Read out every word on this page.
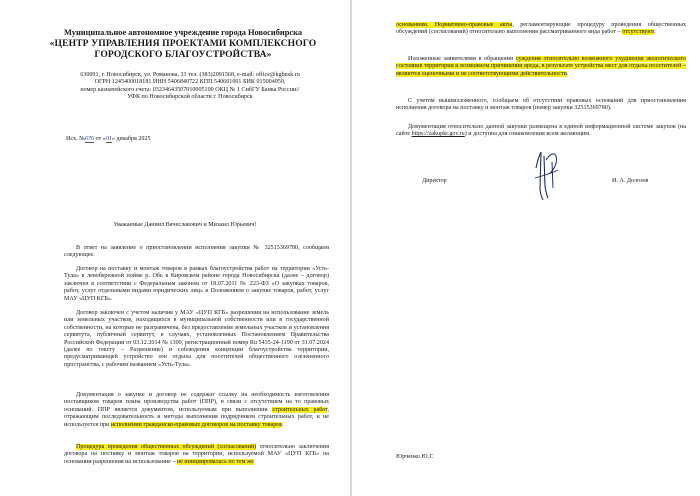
Муниципальное автономное учреждение города Новосибирска
«ЦЕНТР УПРАВЛЕНИЯ ПРОЕКТАМИ КОМПЛЕКСНОГО ГОРОДСКОГО БЛАГОУСТРОЙСТВА»
630091, г. Новосибирск, ул. Романова, 33 тел. (383)2091568, e-mail: office@kgbnsk.ru
ОГРН 1245400018181 ИНН 5406840722 КПП 540601001 БИК 015004950,
номер казначейского счета: 03234643507010005100 ОКЦ № 1 СибГУ Банка России//
УФК по Новосибирской области г. Новосибирск
Исх. №676 от «01» декабря 2025
Уважаемые Даниил Вячеславович и Михаил Юрьевич!
В ответ на заявление о приостановлении исполнения закупки № 32515369780, сообщаем следующее.
Договор на поставку и монтаж товаров в рамках благоустройства работ на территории «Усть-Тула» в левобережной пойме р. Обь в Кировском районе города Новосибирска (далее – договор) заключен в соответствии с Федеральным законом от 18.07.2011 № 223-ФЗ «О закупках товаров, работ, услуг отдельными видами юридических лиц» и Положением о закупке товаров, работ, услуг МАУ «ЦУП КГБ».
Договор заключен с учетом наличия у МАУ «ЦУП КГБ» разрешения на использование земель или земельных участков, находящихся в муниципальной собственности или в государственной собственности, на которые не разграничена, без предоставления земельных участков и установления сервитута, публичный сервитут, в случаях, установленных Постановлением Правительства Российской Федерации от 03.12.2014 № 1300, регистрационный номер Ru 5435-24-1190 от 31.07.2024 (далее по тексту – Разрешение) и соблюдения концепции благоустройства территории, предусматривающей устройство зон отдыха для посетителей общественного озелененного пространства, с рабочим названием «Усть-Тула».
Документация о закупке и договор не содержат ссылку на необходимость изготовления поставщиком товаров плана производства работ (ППР), в связи с отсутствием на то правовых оснований. ППР является документом, используемым при выполнении строительных работ, отражающим последовательность и методы выполнения подрядчиком строительных работ, и не используется при исполнении гражданско-правовых договоров на поставку товаров.
Процедура проведения общественных обсуждений (согласований) относительно заключения договора на поставку и монтаж товаров на территории, используемой МАУ «ЦУП КГБ» на основании разрешения на использование – не инициировалась по тем же
основаниям. Нормативно-правовые акты, регламентирующие процедуру проведения общественных обсуждений (согласований) относительно выполнения рассматриваемого вида работ – отсутствуют.
Изложенные заявителями в обращении суждения относительно возможного ухудшения экологического состояния территории и возможном причинении вреда, в результате устройства мест для отдыха посетителей – являются оценочными и не соответствующими действительности.
С учетом вышеизложенного, сообщаем об отсутствии правовых оснований для приостановления исполнения договора на поставку и монтаж товаров (номер закупки 32515369780).
Документация относительно данной закупки размещена в единой информационной системе закупок (на сайте https://zakupki.gov.ru) и доступна для ознакомления всем желающим.
Директор	И. А. Долозов
Юрченко Ю.Г.
